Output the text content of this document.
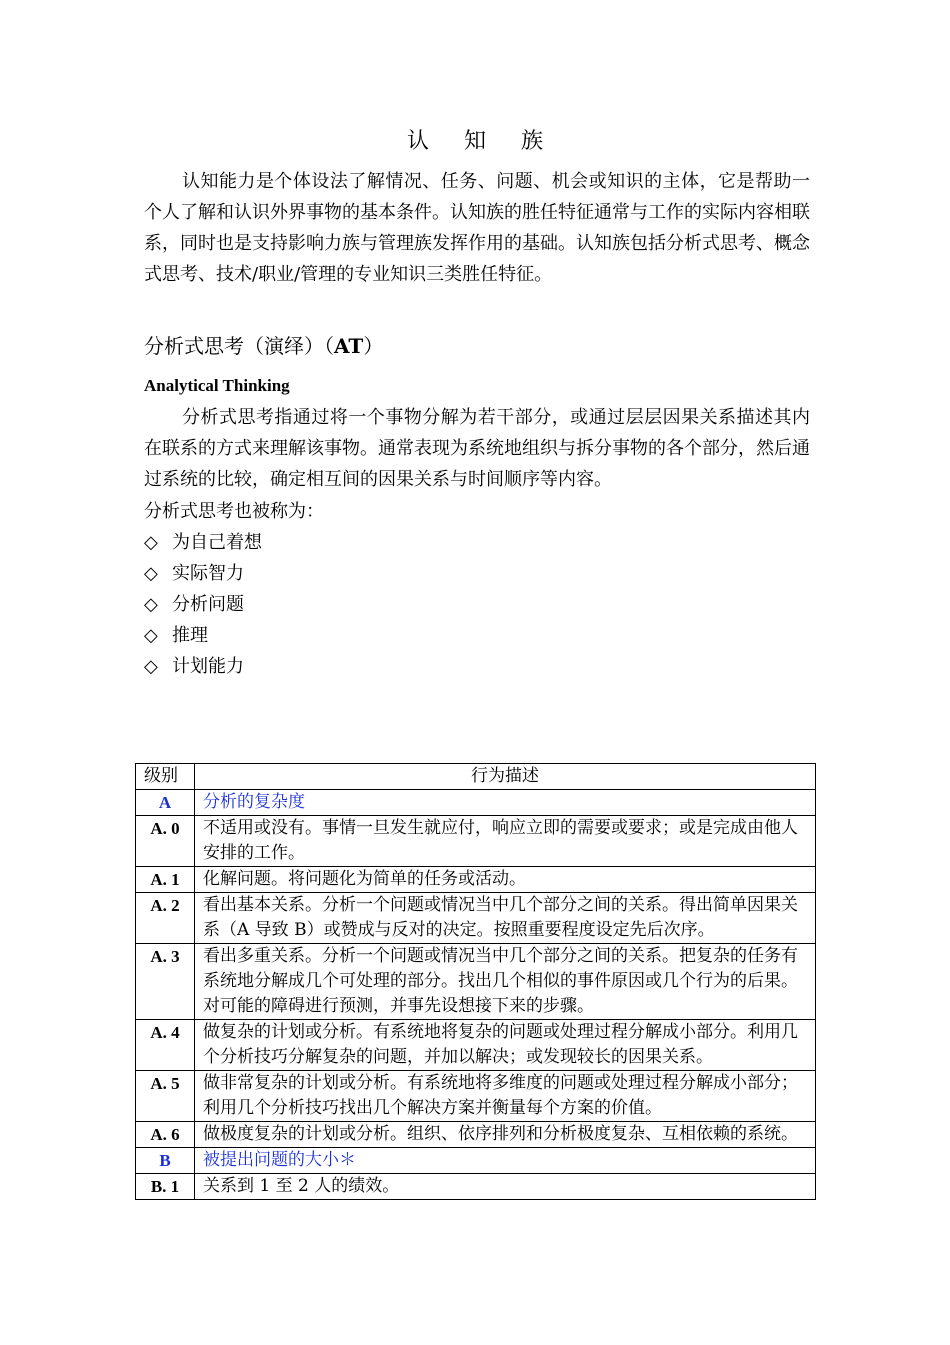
认 知 族

认知能力是个体设法了解情况、任务、问题、机会或知识的主体，它是帮助一个人了解和认识外界事物的基本条件。认知族的胜任特征通常与工作的实际内容相联系，同时也是支持影响力族与管理族发挥作用的基础。认知族包括分析式思考、概念式思考、技术/职业/管理的专业知识三类胜任特征。

分析式思考（演绎）（AT）
Analytical Thinking

分析式思考指通过将一个事物分解为若干部分，或通过层层因果关系描述其内在联系的方式来理解该事物。通常表现为系统地组织与拆分事物的各个部分，然后通过系统的比较，确定相互间的因果关系与时间顺序等内容。

分析式思考也被称为：
◇ 为自己着想
◇ 实际智力
◇ 分析问题
◇ 推理
◇ 计划能力
级别	行为描述
A	分析的复杂度
A. 0	不适用或没有。事情一旦发生就应付，响应立即的需要或要求；或是完成由他人安排的工作。
A. 1	化解问题。将问题化为简单的任务或活动。
A. 2	看出基本关系。分析一个问题或情况当中几个部分之间的关系。得出简单因果关系（A 导致 B）或赞成与反对的决定。按照重要程度设定先后次序。
A. 3	看出多重关系。分析一个问题或情况当中几个部分之间的关系。把复杂的任务有系统地分解成几个可处理的部分。找出几个相似的事件原因或几个行为的后果。对可能的障碍进行预测，并事先设想接下来的步骤。
A. 4	做复杂的计划或分析。有系统地将复杂的问题或处理过程分解成小部分。利用几个分析技巧分解复杂的问题，并加以解决；或发现较长的因果关系。
A. 5	做非常复杂的计划或分析。有系统地将多维度的问题或处理过程分解成小部分；利用几个分析技巧找出几个解决方案并衡量每个方案的价值。
A. 6	做极度复杂的计划或分析。组织、依序排列和分析极度复杂、互相依赖的系统。
B	被提出问题的大小＊
B. 1	关系到 1 至 2 人的绩效。
